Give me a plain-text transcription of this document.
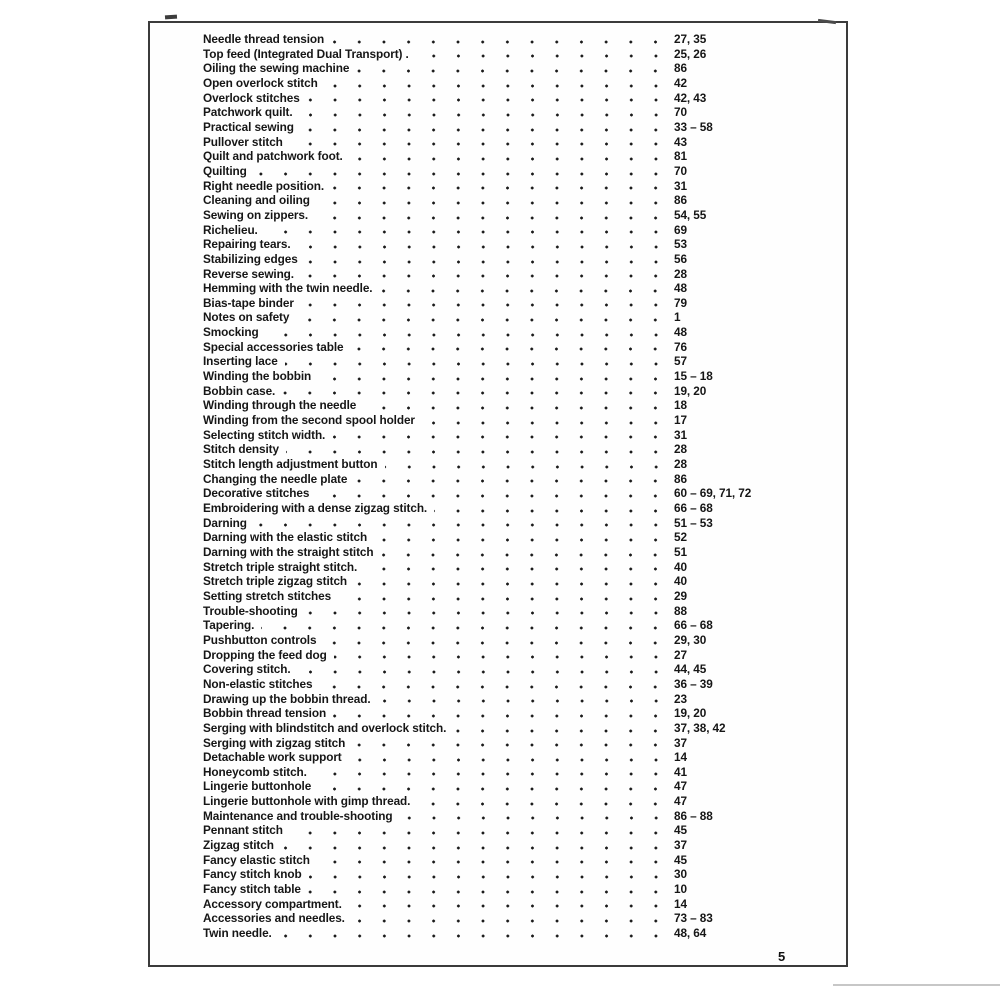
Needle thread tension	27, 35
Top feed (Integrated Dual Transport) .	25, 26
Oiling the sewing machine	86
Open overlock stitch	42
Overlock stitches	42, 43
Patchwork quilt.	70
Practical sewing	33 – 58
Pullover stitch	43
Quilt and patchwork foot.	81
Quilting	70
Right needle position.	31
Cleaning and oiling	86
Sewing on zippers.	54, 55
Richelieu.	69
Repairing tears.	53
Stabilizing edges	56
Reverse sewing.	28
Hemming with the twin needle.	48
Bias-tape binder	79
Notes on safety	1
Smocking	48
Special accessories table	76
Inserting lace	57
Winding the bobbin	15 – 18
Bobbin case.	19, 20
Winding through the needle	18
Winding from the second spool holder	17
Selecting stitch width.	31
Stitch density	28
Stitch length adjustment button	28
Changing the needle plate	86
Decorative stitches	60 – 69, 71, 72
Embroidering with a dense zigzag stitch.	66 – 68
Darning	51 – 53
Darning with the elastic stitch	52
Darning with the straight stitch	51
Stretch triple straight stitch.	40
Stretch triple zigzag stitch	40
Setting stretch stitches	29
Trouble-shooting	88
Tapering.	66 – 68
Pushbutton controls	29, 30
Dropping the feed dog	27
Covering stitch.	44, 45
Non-elastic stitches	36 – 39
Drawing up the bobbin thread.	23
Bobbin thread tension	19, 20
Serging with blindstitch and overlock stitch.	37, 38, 42
Serging with zigzag stitch	37
Detachable work support	14
Honeycomb stitch.	41
Lingerie buttonhole	47
Lingerie buttonhole with gimp thread.	47
Maintenance and trouble-shooting	86 – 88
Pennant stitch	45
Zigzag stitch	37
Fancy elastic stitch	45
Fancy stitch knob	30
Fancy stitch table	10
Accessory compartment.	14
Accessories and needles.	73 – 83
Twin needle.	48, 64
5
